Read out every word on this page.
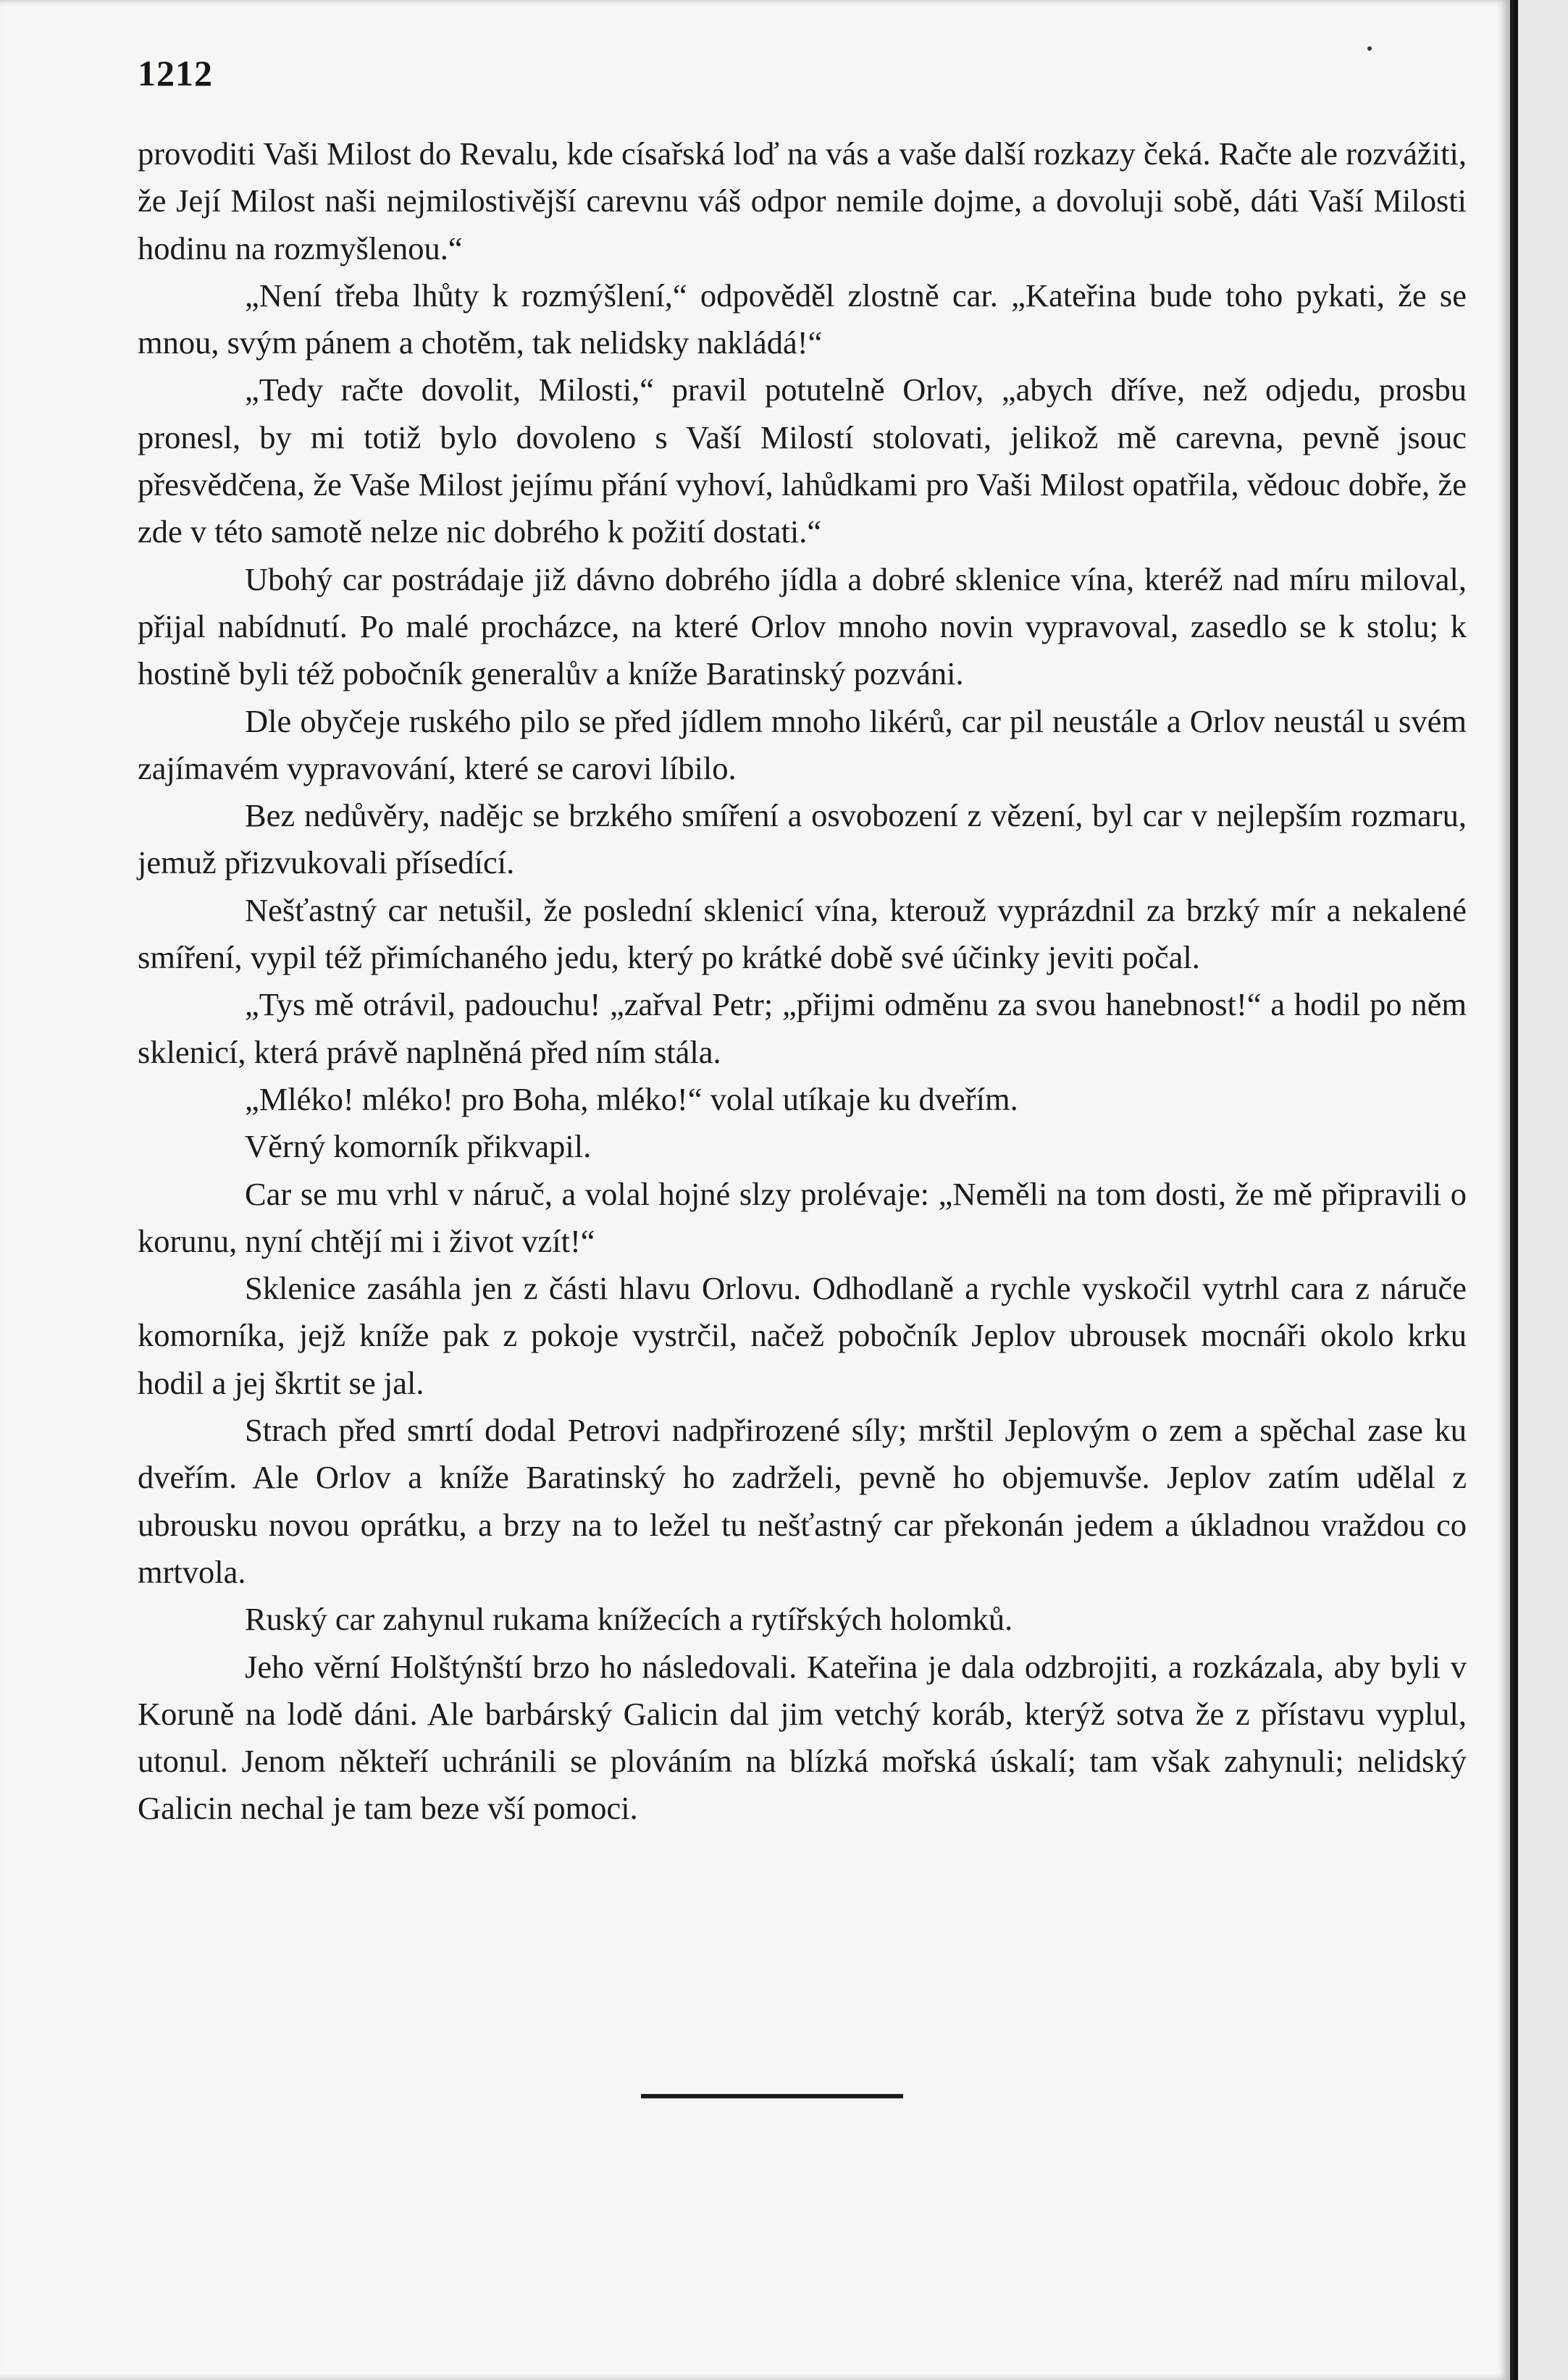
1212

provoditi Vaši Milost do Revalu, kde císařská loď na vás a vaše další rozkazy čeká. Račte ale rozvážiti, že Její Milost naši nejmilostivější carevnu váš odpor nemile dojme, a dovoluji sobě, dáti Vaší Milosti hodinu na rozmyšlenou.“

„Není třeba lhůty k rozmýšlení,“ odpověděl zlostně car. „Kateřina bude toho pykati, že se mnou, svým pánem a chotěm, tak nelidsky nakládá!“

„Tedy račte dovolit, Milosti,“ pravil potutelně Orlov, „abych dříve, než odjedu, prosbu pronesl, by mi totiž bylo dovoleno s Vaší Milostí stolovati, jelikož mě carevna, pevně jsouc přesvědčena, že Vaše Milost jejímu přání vyhoví, lahůdkami pro Vaši Milost opatřila, vědouc dobře, že zde v této samotě nelze nic dobrého k požití dostati.“

Ubohý car postrádaje již dávno dobrého jídla a dobré sklenice vína, kteréž nad míru miloval, přijal nabídnutí. Po malé procházce, na které Orlov mnoho novin vypravoval, zasedlo se k stolu; k hostině byli též pobočník generalův a kníže Baratinský pozváni.

Dle obyčeje ruského pilo se před jídlem mnoho likérů, car pil neustále a Orlov neustál u svém zajímavém vypravování, které se carovi líbilo.

Bez nedůvěry, nadějc se brzkého smíření a osvobození z vězení, byl car v nejlepším rozmaru, jemuž přizvukovali přísedící.

Nešťastný car netušil, že poslední sklenicí vína, kterouž vyprázdnil za brzký mír a nekalené smíření, vypil též přimíchaného jedu, který po krátké době své účinky jeviti počal.

„Tys mě otrávil, padouchu! „zařval Petr; „přijmi odměnu za svou hanebnost!“ a hodil po něm sklenicí, která právě naplněná před ním stála.

„Mléko! mléko! pro Boha, mléko!“ volal utíkaje ku dveřím.

Věrný komorník přikvapil.

Car se mu vrhl v náruč, a volal hojné slzy prolévaje: „Neměli na tom dosti, že mě připravili o korunu, nyní chtějí mi i život vzít!“

Sklenice zasáhla jen z části hlavu Orlovu. Odhodlaně a rychle vyskočil vytrhl cara z náruče komorníka, jejž kníže pak z pokoje vystrčil, načež pobočník Jeplov ubrousek mocnáři okolo krku hodil a jej škrtit se jal.

Strach před smrtí dodal Petrovi nadpřirozené síly; mrštil Jeplovým o zem a spěchal zase ku dveřím. Ale Orlov a kníže Baratinský ho zadrželi, pevně ho objemuvše. Jeplov zatím udělal z ubrousku novou oprátku, a brzy na to ležel tu nešťastný car překonán jedem a úkladnou vraždou co mrtvola.

Ruský car zahynul rukama knížecích a rytířských holomků.

Jeho věrní Holštýnští brzo ho následovali. Kateřina je dala odzbrojiti, a rozkázala, aby byli v Koruně na lodě dáni. Ale barbárský Galicin dal jim vetchý koráb, kterýž sotva že z přístavu vyplul, utonul. Jenom někteří uchránili se plováním na blízká mořská úskalí; tam však zahynuli; nelidský Galicin nechal je tam beze vší pomoci.
